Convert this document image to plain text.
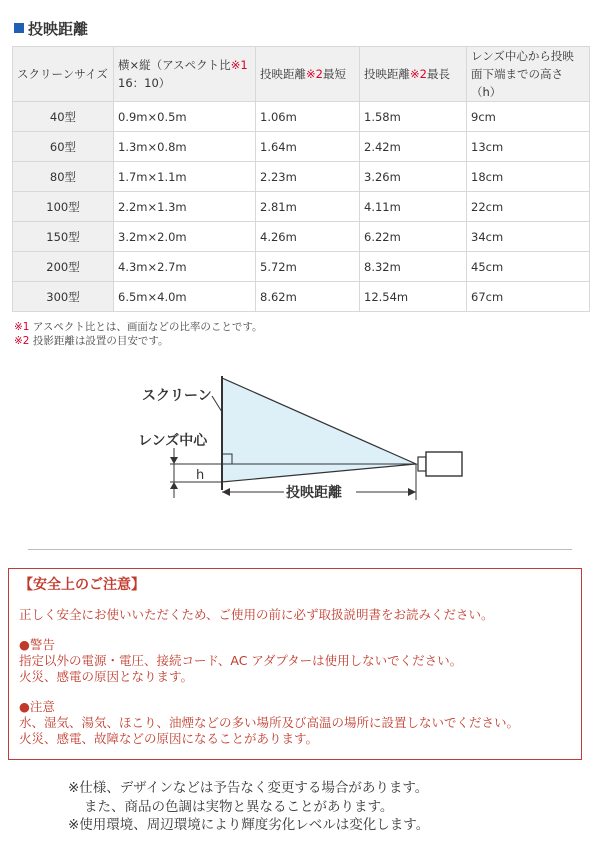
投映距離
スクリーンサイズ	横×縦（アスペクト比※1
16：10）	投映距離※2最短	投映距離※2最長	レンズ中心から投映面下端までの高さ（h）
40型	0.9m×0.5m	1.06m	1.58m	9cm
60型	1.3m×0.8m	1.64m	2.42m	13cm
80型	1.7m×1.1m	2.23m	3.26m	18cm
100型	2.2m×1.3m	2.81m	4.11m	22cm
150型	3.2m×2.0m	4.26m	6.22m	34cm
200型	4.3m×2.7m	5.72m	8.32m	45cm
300型	6.5m×4.0m	8.62m	12.54m	67cm
※1 アスペクト比とは、画面などの比率のことです。
※2 投影距離は設置の目安です。
h
スクリーン
レンズ中心
投映距離
【安全上のご注意】
正しく安全にお使いいただくため、ご使用の前に必ず取扱説明書をお読みください。
●警告
指定以外の電源・電圧、接続コード、AC アダプターは使用しないでください。
火災、感電の原因となります。
●注意
水、湿気、湯気、ほこり、油煙などの多い場所及び高温の場所に設置しないでください。
火災、感電、故障などの原因になることがあります。
※仕様、デザインなどは予告なく変更する場合があります。
また、商品の色調は実物と異なることがあります。
※使用環境、周辺環境により輝度劣化レベルは変化します。
